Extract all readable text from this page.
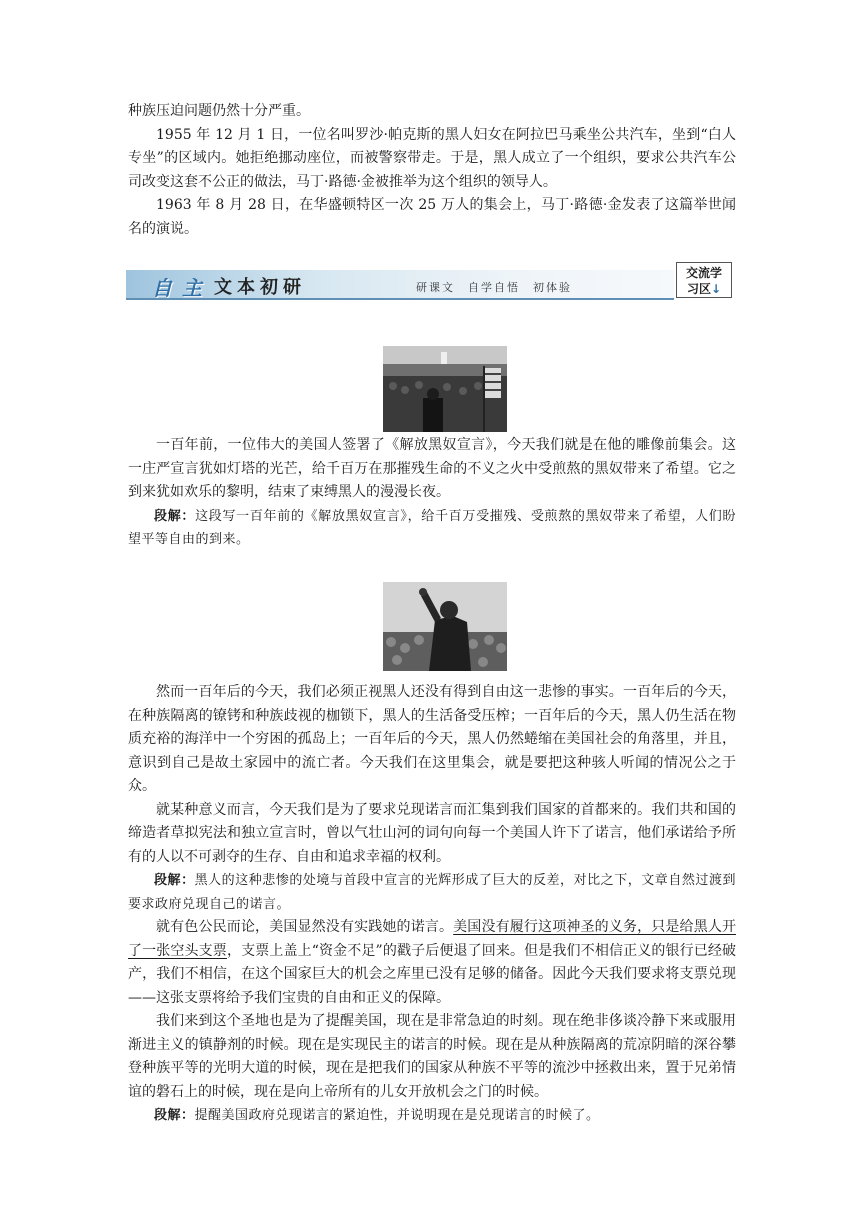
种族压迫问题仍然十分严重。

1955 年 12 月 1 日，一位名叫罗沙·帕克斯的黑人妇女在阿拉巴马乘坐公共汽车，坐到“白人专坐”的区域内。她拒绝挪动座位，而被警察带走。于是，黑人成立了一个组织，要求公共汽车公司改变这套不公正的做法，马丁·路德·金被推举为这个组织的领导人。

1963 年 8 月 28 日，在华盛顿特区一次 25 万人的集会上，马丁·路德·金发表了这篇举世闻名的演说。

自 主 文本初研	研课文　自学自悟　初体验
交流学
习区↓

一百年前，一位伟大的美国人签署了《解放黑奴宣言》，今天我们就是在他的雕像前集会。这一庄严宣言犹如灯塔的光芒，给千百万在那摧残生命的不义之火中受煎熬的黑奴带来了希望。它之到来犹如欢乐的黎明，结束了束缚黑人的漫漫长夜。

段解：这段写一百年前的《解放黑奴宣言》，给千百万受摧残、受煎熬的黑奴带来了希望，人们盼望平等自由的到来。

然而一百年后的今天，我们必须正视黑人还没有得到自由这一悲惨的事实。一百年后的今天，在种族隔离的镣铐和种族歧视的枷锁下，黑人的生活备受压榨；一百年后的今天，黑人仍生活在物质充裕的海洋中一个穷困的孤岛上；一百年后的今天，黑人仍然蜷缩在美国社会的角落里，并且，意识到自己是故土家园中的流亡者。今天我们在这里集会，就是要把这种骇人听闻的情况公之于众。

就某种意义而言，今天我们是为了要求兑现诺言而汇集到我们国家的首都来的。我们共和国的缔造者草拟宪法和独立宣言时，曾以气壮山河的词句向每一个美国人许下了诺言，他们承诺给予所有的人以不可剥夺的生存、自由和追求幸福的权利。

段解：黑人的这种悲惨的处境与首段中宣言的光辉形成了巨大的反差，对比之下，文章自然过渡到要求政府兑现自己的诺言。

就有色公民而论，美国显然没有实践她的诺言。美国没有履行这项神圣的义务，只是给黑人开了一张空头支票，支票上盖上“资金不足”的戳子后便退了回来。但是我们不相信正义的银行已经破产，我们不相信，在这个国家巨大的机会之库里已没有足够的储备。因此今天我们要求将支票兑现——这张支票将给予我们宝贵的自由和正义的保障。

我们来到这个圣地也是为了提醒美国，现在是非常急迫的时刻。现在绝非侈谈冷静下来或服用渐进主义的镇静剂的时候。现在是实现民主的诺言的时候。现在是从种族隔离的荒凉阴暗的深谷攀登种族平等的光明大道的时候，现在是把我们的国家从种族不平等的流沙中拯救出来，置于兄弟情谊的磐石上的时候，现在是向上帝所有的儿女开放机会之门的时候。

段解：提醒美国政府兑现诺言的紧迫性，并说明现在是兑现诺言的时候了。
